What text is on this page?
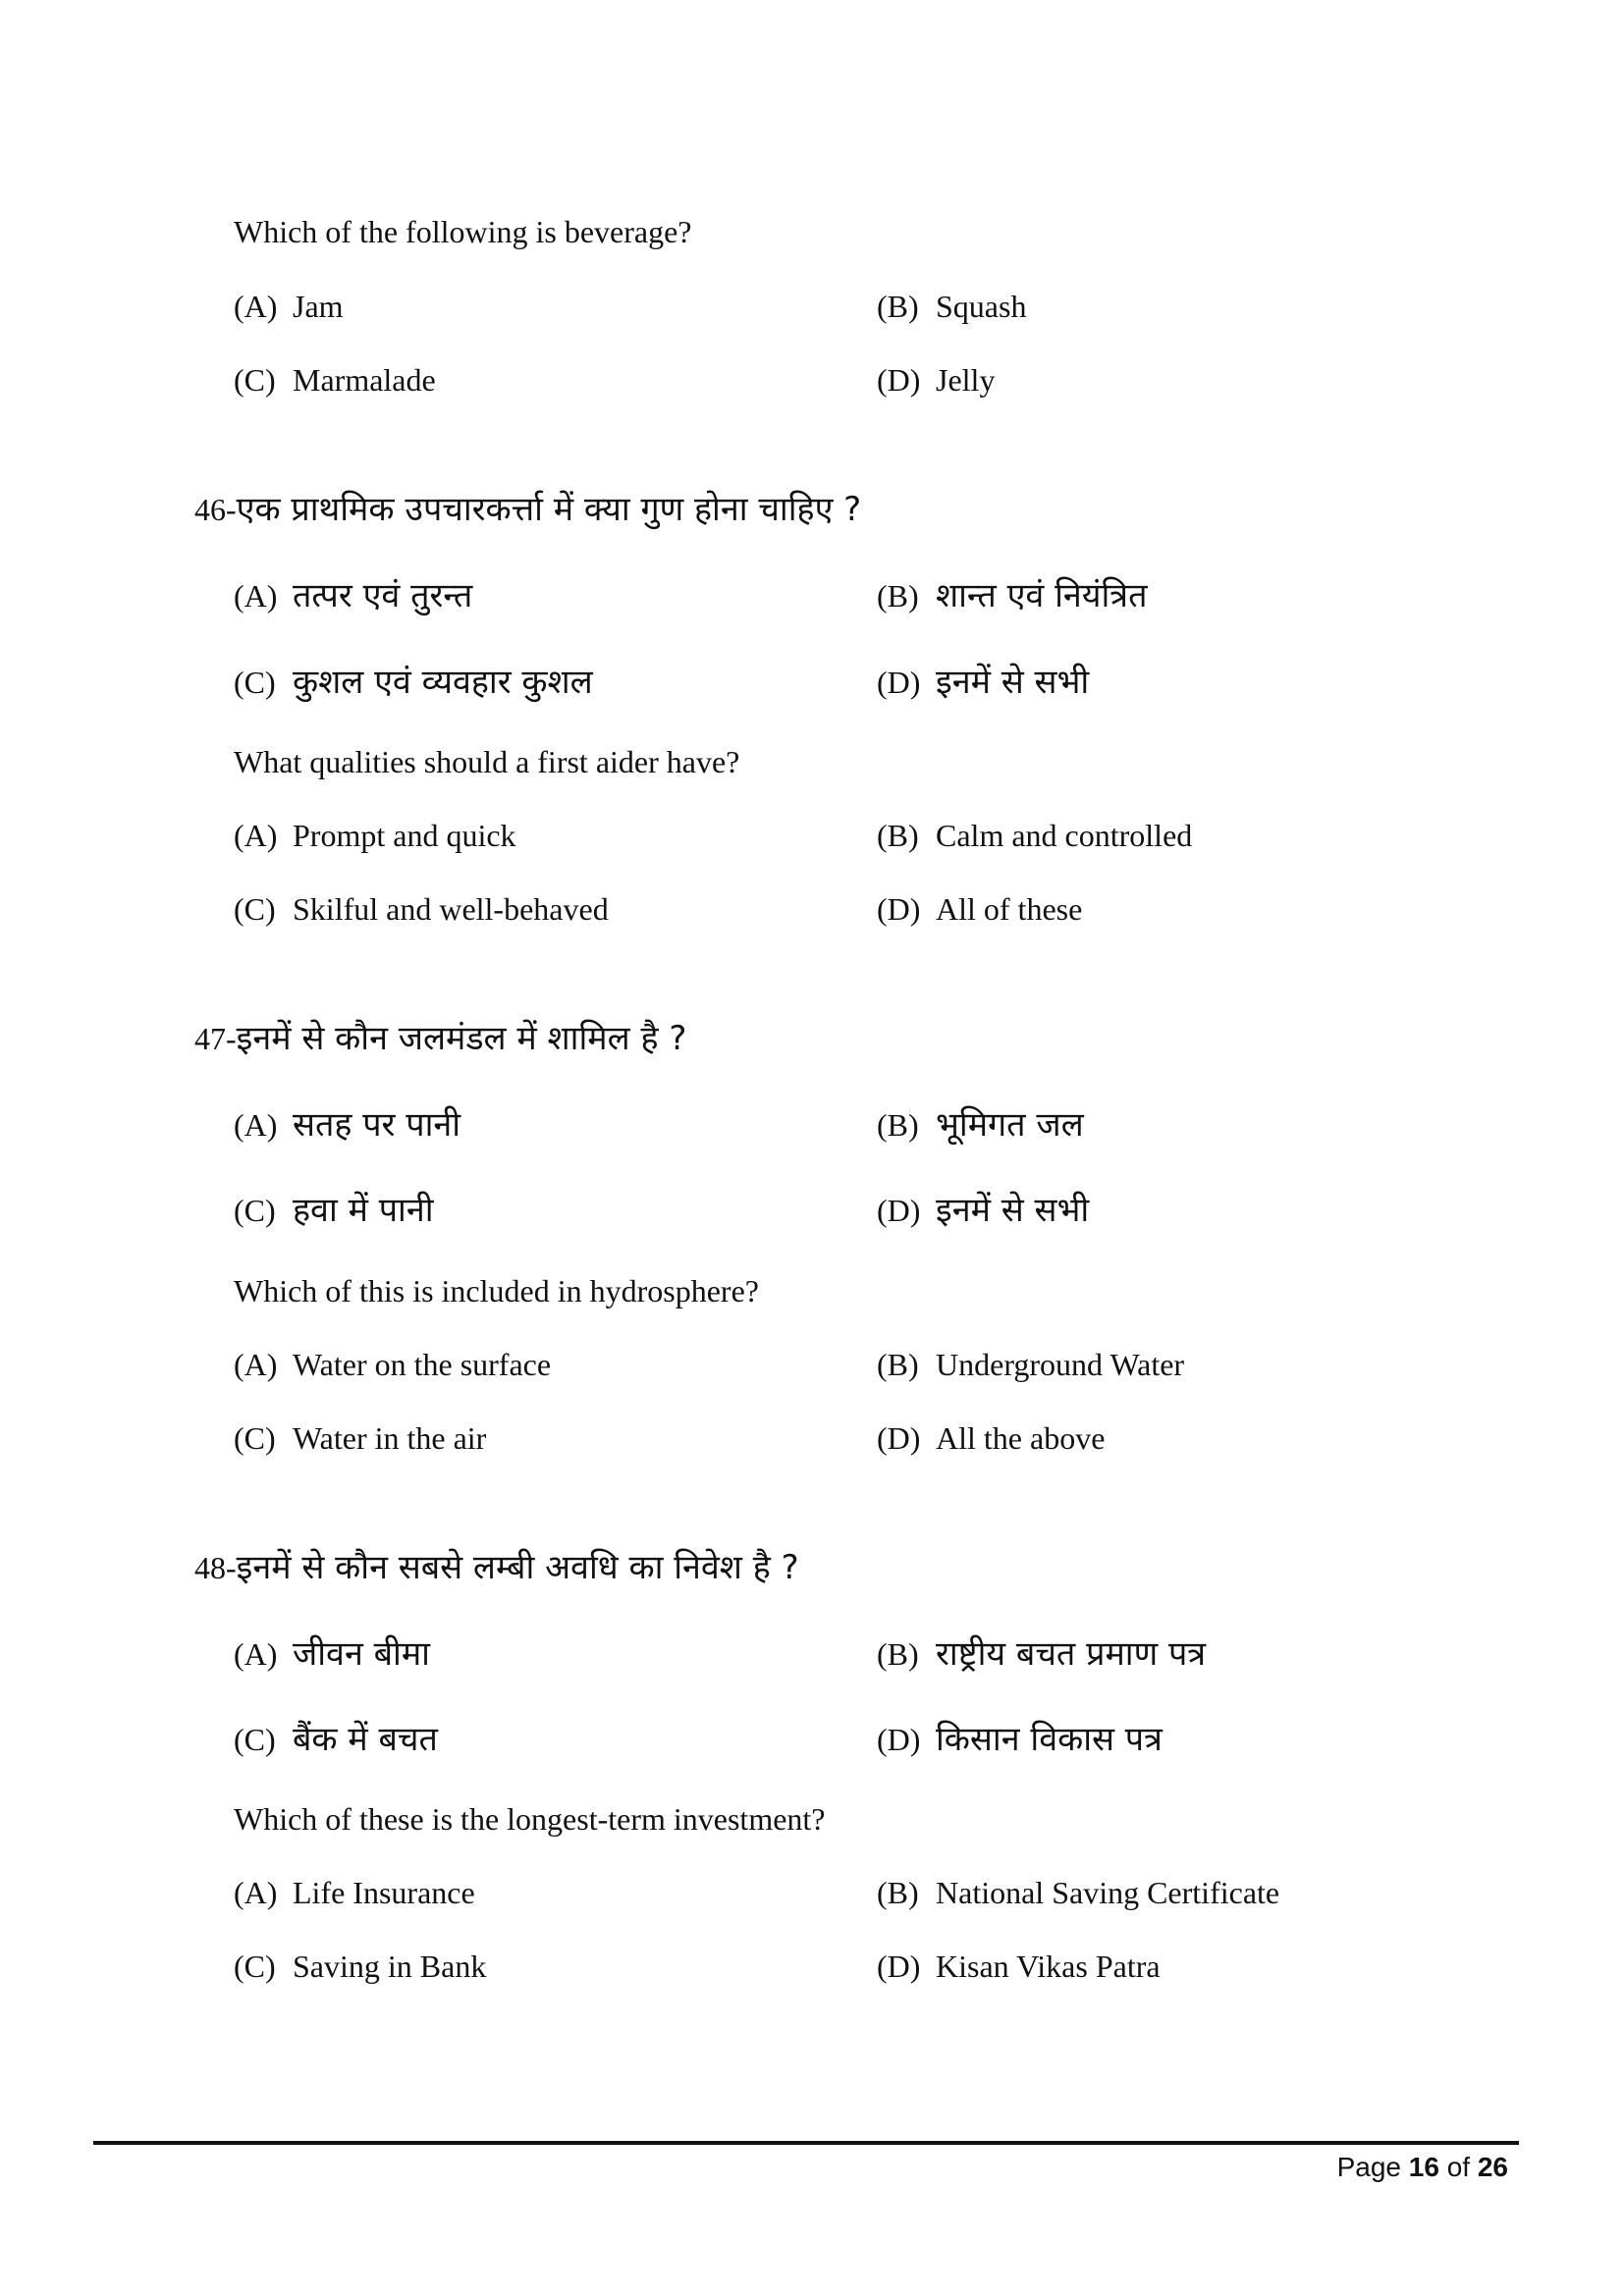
Which of the following is beverage?
(A) Jam	(B) Squash
(C) Marmalade	(D) Jelly
46-एक प्राथमिक उपचारकर्त्ता में क्या गुण होना चाहिए ?
(A) तत्पर एवं तुरन्त	(B) शान्त एवं नियंत्रित
(C) कुशल एवं व्यवहार कुशल	(D) इनमें से सभी
What qualities should a first aider have?
(A) Prompt and quick	(B) Calm and controlled
(C) Skilful and well-behaved	(D) All of these
47-इनमें से कौन जलमंडल में शामिल है ?
(A) सतह पर पानी	(B) भूमिगत जल
(C) हवा में पानी	(D) इनमें से सभी
Which of this is included in hydrosphere?
(A) Water on the surface	(B) Underground Water
(C) Water in the air	(D) All the above
48-इनमें से कौन सबसे लम्बी अवधि का निवेश है ?
(A) जीवन बीमा	(B) राष्ट्रीय बचत प्रमाण पत्र
(C) बैंक में बचत	(D) किसान विकास पत्र
Which of these is the longest-term investment?
(A) Life Insurance	(B) National Saving Certificate
(C) Saving in Bank	(D) Kisan Vikas Patra
Page 16 of 26
